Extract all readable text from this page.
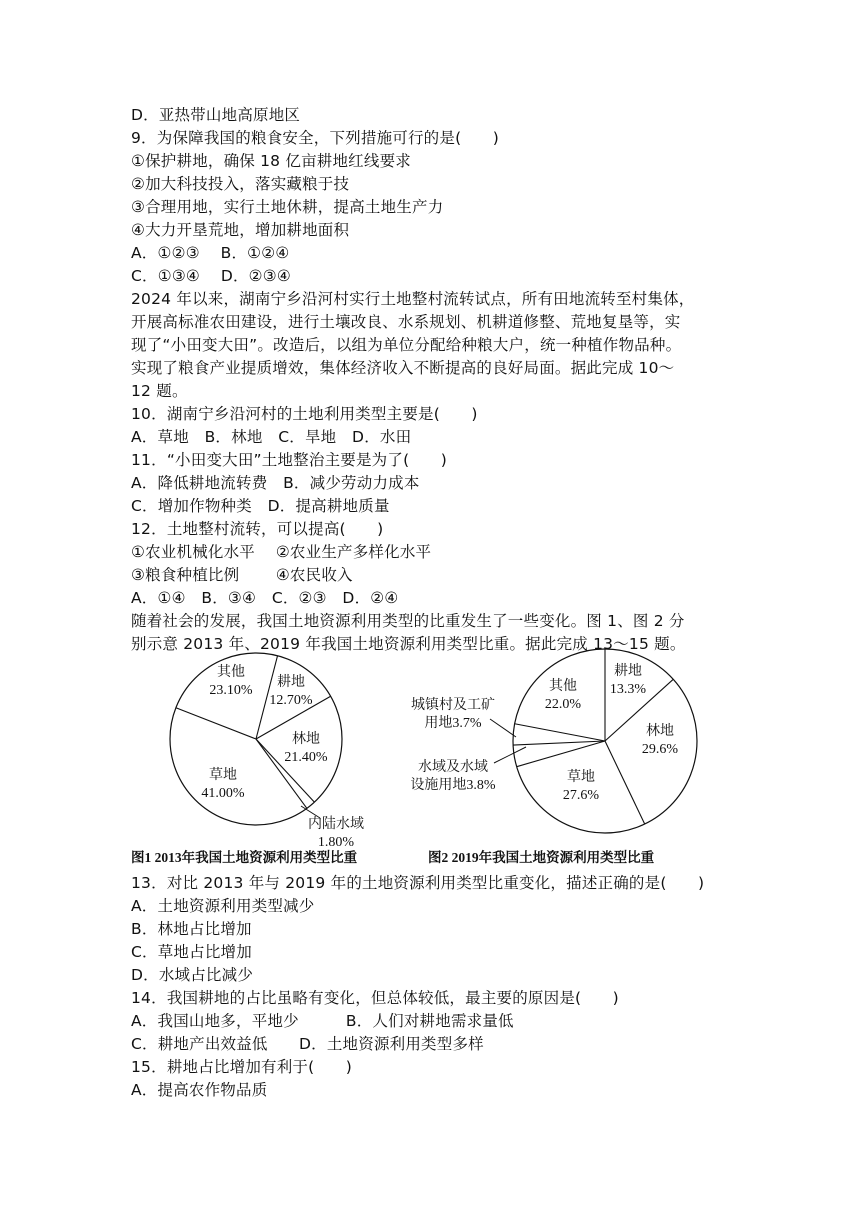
D．亚热带山地高原地区
9．为保障我国的粮食安全，下列措施可行的是(　　)
①保护耕地，确保 18 亿亩耕地红线要求
②加大科技投入，落实藏粮于技
③合理用地，实行土地休耕，提高土地生产力
④大力开垦荒地，增加耕地面积
A．①②③　 B．①②④
C．①③④　 D．②③④
2024 年以来，湖南宁乡沿河村实行土地整村流转试点，所有田地流转至村集体，
开展高标准农田建设，进行土壤改良、水系规划、机耕道修整、荒地复垦等，实
现了“小田变大田”。改造后，以组为单位分配给种粮大户，统一种植作物品种。
实现了粮食产业提质增效，集体经济收入不断提高的良好局面。据此完成 10～
12 题。
10．湖南宁乡沿河村的土地利用类型主要是(　　)
A．草地　B．林地　C．旱地　D．水田
11．“小田变大田”土地整治主要是为了(　　)
A．降低耕地流转费　B．减少劳动力成本
C．增加作物种类　D．提高耕地质量
12．土地整村流转，可以提高(　　)
①农业机械化水平　 ②农业生产多样化水平
③粮食种植比例　　 ④农民收入
A．①④　B．③④　C．②③　D．②④
随着社会的发展，我国土地资源利用类型的比重发生了一些变化。图 1、图 2 分
别示意 2013 年、2019 年我国土地资源利用类型比重。据此完成 13～15 题。
耕地
12.70%
林地
21.40%
内陆水域
1.80%
草地
41.00%
其他
23.10%
图1 2013年我国土地资源利用类型比重
耕地
13.3%
林地
29.6%
草地
27.6%
水域及水域
设施用地3.8%
城镇村及工矿
用地3.7%
其他
22.0%
图2 2019年我国土地资源利用类型比重
13．对比 2013 年与 2019 年的土地资源利用类型比重变化，描述正确的是(　　)
A．土地资源利用类型减少
B．林地占比增加
C．草地占比增加
D．水域占比减少
14．我国耕地的占比虽略有变化，但总体较低，最主要的原因是(　　)
A．我国山地多，平地少　　　B．人们对耕地需求量低
C．耕地产出效益低　　D．土地资源利用类型多样
15．耕地占比增加有利于(　　)
A．提高农作物品质
